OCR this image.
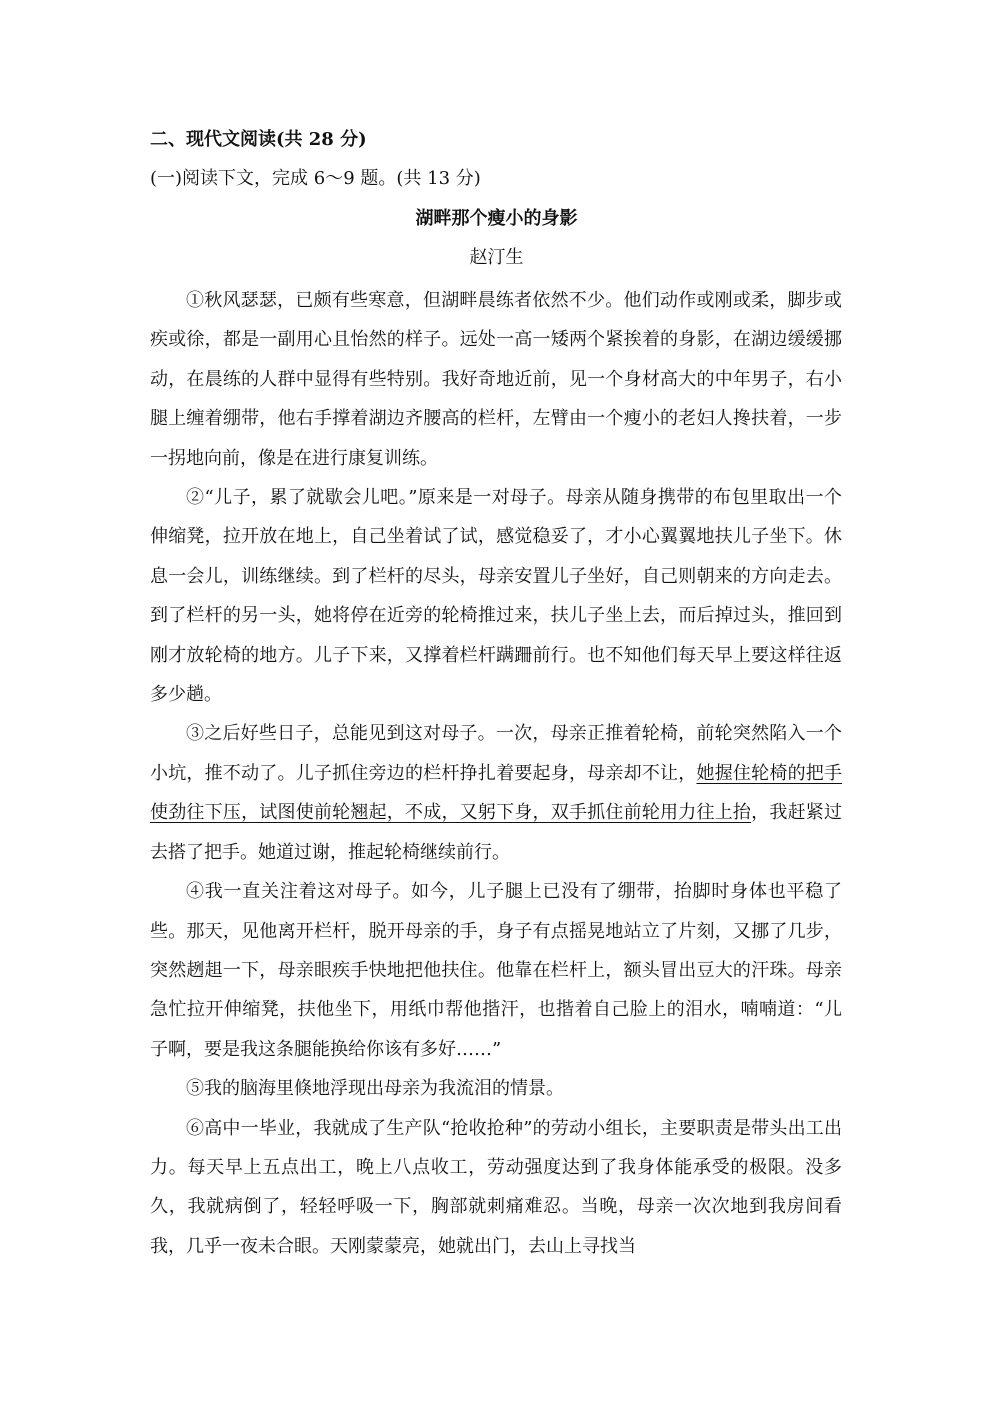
二、现代文阅读(共 28 分)
(一)阅读下文，完成 6～9 题。(共 13 分)
湖畔那个瘦小的身影
赵汀生

①秋风瑟瑟，已颇有些寒意，但湖畔晨练者依然不少。他们动作或刚或柔，脚步或疾或徐，都是一副用心且怡然的样子。远处一高一矮两个紧挨着的身影，在湖边缓缓挪动，在晨练的人群中显得有些特别。我好奇地近前，见一个身材高大的中年男子，右小腿上缠着绷带，他右手撑着湖边齐腰高的栏杆，左臂由一个瘦小的老妇人搀扶着，一步一拐地向前，像是在进行康复训练。

②“儿子，累了就歇会儿吧。”原来是一对母子。母亲从随身携带的布包里取出一个伸缩凳，拉开放在地上，自己坐着试了试，感觉稳妥了，才小心翼翼地扶儿子坐下。休息一会儿，训练继续。到了栏杆的尽头，母亲安置儿子坐好，自己则朝来的方向走去。到了栏杆的另一头，她将停在近旁的轮椅推过来，扶儿子坐上去，而后掉过头，推回到刚才放轮椅的地方。儿子下来，又撑着栏杆蹒跚前行。也不知他们每天早上要这样往返多少趟。

③之后好些日子，总能见到这对母子。一次，母亲正推着轮椅，前轮突然陷入一个小坑，推不动了。儿子抓住旁边的栏杆挣扎着要起身，母亲却不让，她握住轮椅的把手使劲往下压，试图使前轮翘起，不成，又躬下身，双手抓住前轮用力往上抬，我赶紧过去搭了把手。她道过谢，推起轮椅继续前行。

④我一直关注着这对母子。如今，儿子腿上已没有了绷带，抬脚时身体也平稳了些。那天，见他离开栏杆，脱开母亲的手，身子有点摇晃地站立了片刻，又挪了几步，突然趔趄一下，母亲眼疾手快地把他扶住。他靠在栏杆上，额头冒出豆大的汗珠。母亲急忙拉开伸缩凳，扶他坐下，用纸巾帮他揩汗，也揩着自己脸上的泪水，喃喃道：“儿子啊，要是我这条腿能换给你该有多好……”

⑤我的脑海里倏地浮现出母亲为我流泪的情景。

⑥高中一毕业，我就成了生产队“抢收抢种”的劳动小组长，主要职责是带头出工出力。每天早上五点出工，晚上八点收工，劳动强度达到了我身体能承受的极限。没多久，我就病倒了，轻轻呼吸一下，胸部就刺痛难忍。当晚，母亲一次次地到我房间看我，几乎一夜未合眼。天刚蒙蒙亮，她就出门，去山上寻找当
